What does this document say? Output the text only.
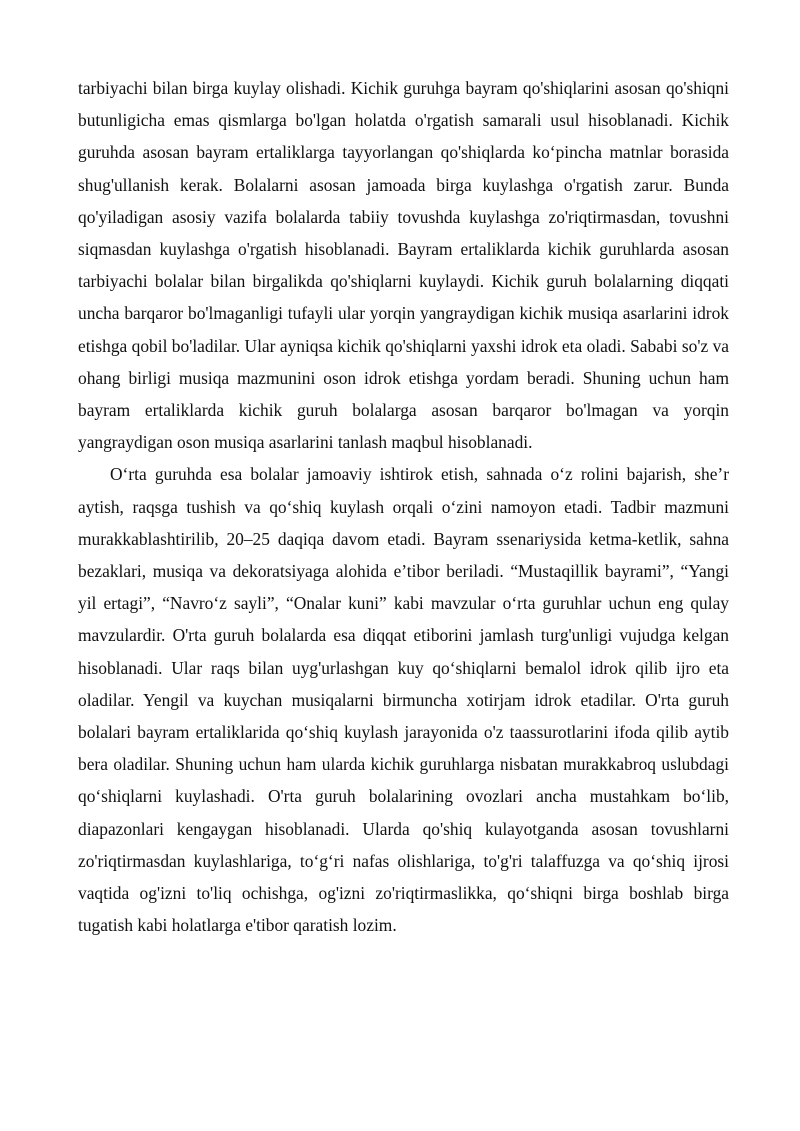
tarbiyachi bilan birga kuylay olishadi. Kichik guruhga bayram qo'shiqlarini asosan qo'shiqni butunligicha emas qismlarga bo'lgan holatda o'rgatish samarali usul hisoblanadi. Kichik guruhda asosan bayram ertaliklarga tayyorlangan qo'shiqlarda ko‘pincha matnlar borasida shug'ullanish kerak. Bolalarni asosan jamoada birga kuylashga o'rgatish zarur. Bunda qo'yiladigan asosiy vazifa bolalarda tabiiy tovushda kuylashga zo'riqtirmasdan, tovushni siqmasdan kuylashga o'rgatish hisoblanadi. Bayram ertaliklarda kichik guruhlarda asosan tarbiyachi bolalar bilan birgalikda qo'shiqlarni kuylaydi. Kichik guruh bolalarning diqqati uncha barqaror bo'lmaganligi tufayli ular yorqin yangraydigan kichik musiqa asarlarini idrok etishga qobil bo'ladilar. Ular ayniqsa kichik qo'shiqlarni yaxshi idrok eta oladi. Sababi so'z va ohang birligi musiqa mazmunini oson idrok etishga yordam beradi. Shuning uchun ham bayram ertaliklarda kichik guruh bolalarga asosan barqaror bo'lmagan va yorqin yangraydigan oson musiqa asarlarini tanlash maqbul hisoblanadi.

O‘rta guruhda esa bolalar jamoaviy ishtirok etish, sahnada o‘z rolini bajarish, she’r aytish, raqsga tushish va qo‘shiq kuylash orqali o‘zini namoyon etadi. Tadbir mazmuni murakkablashtirilib, 20–25 daqiqa davom etadi. Bayram ssenariysida ketma-ketlik, sahna bezaklari, musiqa va dekoratsiyaga alohida e’tibor beriladi. “Mustaqillik bayrami”, “Yangi yil ertagi”, “Navro‘z sayli”, “Onalar kuni” kabi mavzular o‘rta guruhlar uchun eng qulay mavzulardir. O'rta guruh bolalarda esa diqqat etiborini jamlash turg'unligi vujudga kelgan hisoblanadi. Ular raqs bilan uyg'urlashgan kuy qo‘shiqlarni bemalol idrok qilib ijro eta oladilar. Yengil va kuychan musiqalarni birmuncha xotirjam idrok etadilar. O'rta guruh bolalari bayram ertaliklarida qo‘shiq kuylash jarayonida o'z taassurotlarini ifoda qilib aytib bera oladilar. Shuning uchun ham ularda kichik guruhlarga nisbatan murakkabroq uslubdagi qo‘shiqlarni kuylashadi. O'rta guruh bolalarining ovozlari ancha mustahkam bo‘lib, diapazonlari kengaygan hisoblanadi. Ularda qo'shiq kulayotganda asosan tovushlarni zo'riqtirmasdan kuylashlariga, to‘g‘ri nafas olishlariga, to'g'ri talaffuzga va qo‘shiq ijrosi vaqtida og'izni to'liq ochishga, og'izni zo'riqtirmaslikka, qo‘shiqni birga boshlab birga tugatish kabi holatlarga e'tibor qaratish lozim.
